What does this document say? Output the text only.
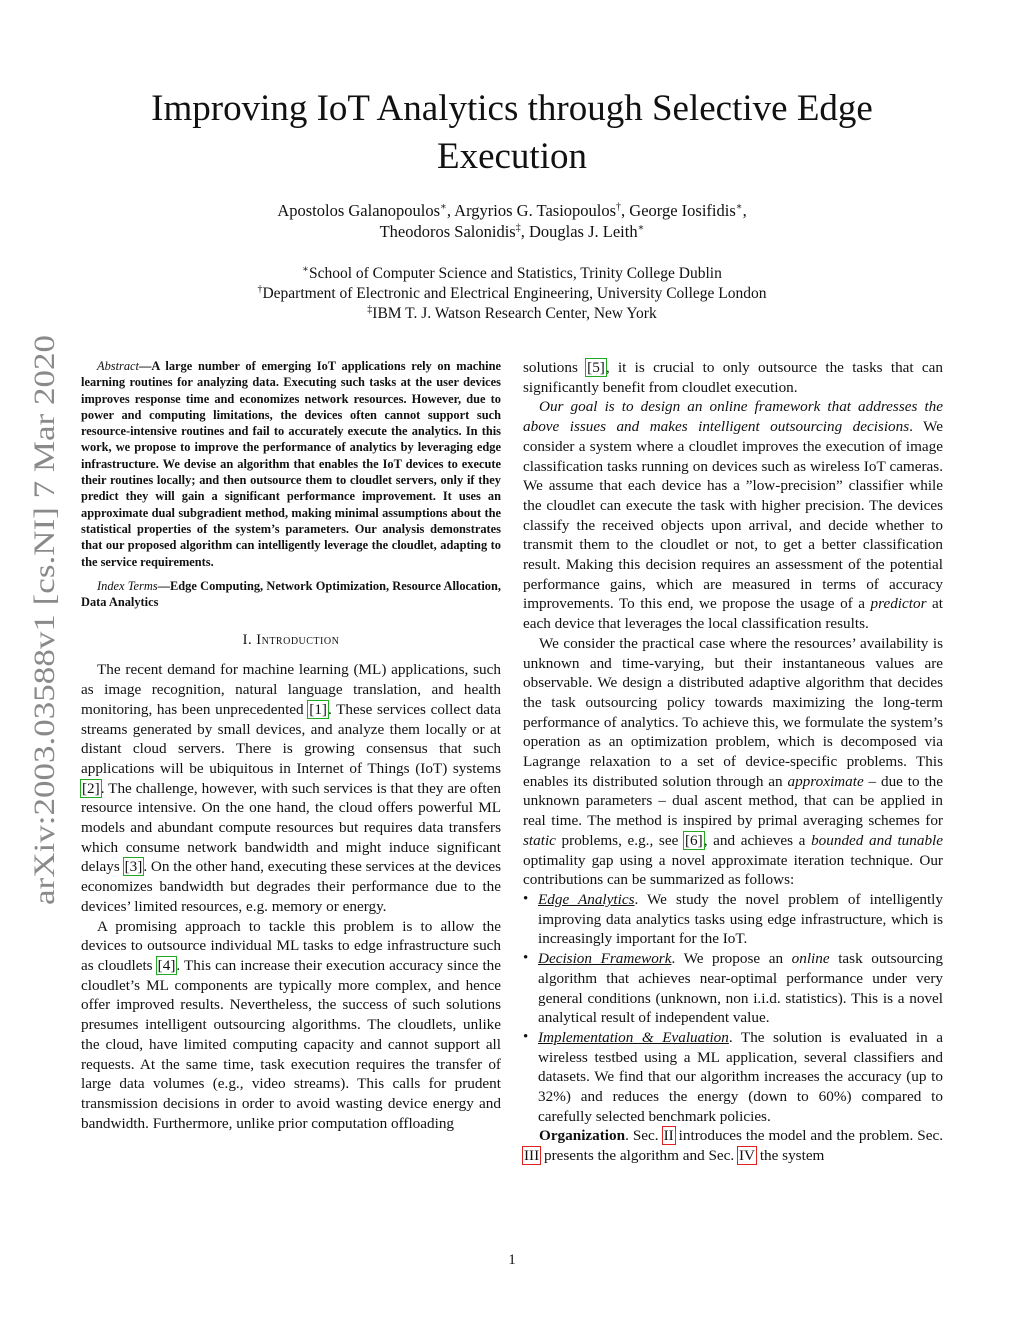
arXiv:2003.03588v1 [cs.NI] 7 Mar 2020
Improving IoT Analytics through Selective Edge Execution
Apostolos Galanopoulos∗, Argyrios G. Tasiopoulos†, George Iosifidis∗,
Theodoros Salonidis‡, Douglas J. Leith∗
∗School of Computer Science and Statistics, Trinity College Dublin
†Department of Electronic and Electrical Engineering, University College London
‡IBM T. J. Watson Research Center, New York

Abstract—A large number of emerging IoT applications rely on machine learning routines for analyzing data. Executing such tasks at the user devices improves response time and economizes network resources. However, due to power and computing limitations, the devices often cannot support such resource-intensive routines and fail to accurately execute the analytics. In this work, we propose to improve the performance of analytics by leveraging edge infrastructure. We devise an algorithm that enables the IoT devices to execute their routines locally; and then outsource them to cloudlet servers, only if they predict they will gain a significant performance improvement. It uses an approximate dual subgradient method, making minimal assumptions about the statistical properties of the system’s parameters. Our analysis demonstrates that our proposed algorithm can intelligently leverage the cloudlet, adapting to the service requirements.

Index Terms—Edge Computing, Network Optimization, Resource Allocation, Data Analytics

I. Introduction

The recent demand for machine learning (ML) applications, such as image recognition, natural language translation, and health monitoring, has been unprecedented [1]. These services collect data streams generated by small devices, and analyze them locally or at distant cloud servers. There is growing consensus that such applications will be ubiquitous in Internet of Things (IoT) systems [2]. The challenge, however, with such services is that they are often resource intensive. On the one hand, the cloud offers powerful ML models and abundant compute resources but requires data transfers which consume network bandwidth and might induce significant delays [3]. On the other hand, executing these services at the devices economizes bandwidth but degrades their performance due to the devices’ limited resources, e.g. memory or energy.

A promising approach to tackle this problem is to allow the devices to outsource individual ML tasks to edge infrastructure such as cloudlets [4]. This can increase their execution accuracy since the cloudlet’s ML components are typically more complex, and hence offer improved results. Nevertheless, the success of such solutions presumes intelligent outsourcing algorithms. The cloudlets, unlike the cloud, have limited computing capacity and cannot support all requests. At the same time, task execution requires the transfer of large data volumes (e.g., video streams). This calls for prudent transmission decisions in order to avoid wasting device energy and bandwidth. Furthermore, unlike prior computation offloading

solutions [5], it is crucial to only outsource the tasks that can significantly benefit from cloudlet execution.

Our goal is to design an online framework that addresses the above issues and makes intelligent outsourcing decisions. We consider a system where a cloudlet improves the execution of image classification tasks running on devices such as wireless IoT cameras. We assume that each device has a ”low-precision” classifier while the cloudlet can execute the task with higher precision. The devices classify the received objects upon arrival, and decide whether to transmit them to the cloudlet or not, to get a better classification result. Making this decision requires an assessment of the potential performance gains, which are measured in terms of accuracy improvements. To this end, we propose the usage of a predictor at each device that leverages the local classification results.

We consider the practical case where the resources’ availability is unknown and time-varying, but their instantaneous values are observable. We design a distributed adaptive algorithm that decides the task outsourcing policy towards maximizing the long-term performance of analytics. To achieve this, we formulate the system’s operation as an optimization problem, which is decomposed via Lagrange relaxation to a set of device-specific problems. This enables its distributed solution through an approximate – due to the unknown parameters – dual ascent method, that can be applied in real time. The method is inspired by primal averaging schemes for static problems, e.g., see [6], and achieves a bounded and tunable optimality gap using a novel approximate iteration technique. Our contributions can be summarized as follows:

• Edge Analytics. We study the novel problem of intelligently improving data analytics tasks using edge infrastructure, which is increasingly important for the IoT.
• Decision Framework. We propose an online task outsourcing algorithm that achieves near-optimal performance under very general conditions (unknown, non i.i.d. statistics). This is a novel analytical result of independent value.
• Implementation & Evaluation. The solution is evaluated in a wireless testbed using a ML application, several classifiers and datasets. We find that our algorithm increases the accuracy (up to 32%) and reduces the energy (down to 60%) compared to carefully selected benchmark policies.

Organization. Sec. II introduces the model and the problem. Sec. III presents the algorithm and Sec. IV the system

1
